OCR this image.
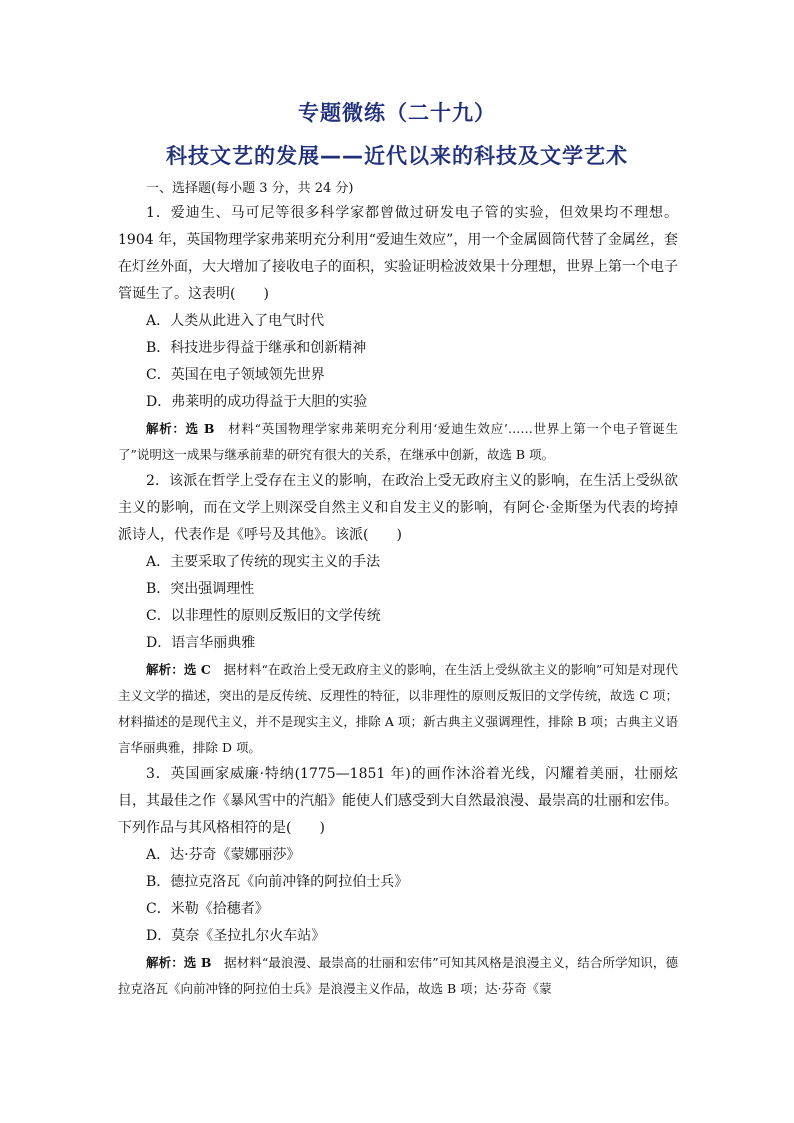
专题微练（二十九）
科技文艺的发展——近代以来的科技及文学艺术
一、选择题(每小题 3 分，共 24 分)

1．爱迪生、马可尼等很多科学家都曾做过研发电子管的实验，但效果均不理想。1904 年，英国物理学家弗莱明充分利用“爱迪生效应”，用一个金属圆筒代替了金属丝，套在灯丝外面，大大增加了接收电子的面积，实验证明检波效果十分理想，世界上第一个电子管诞生了。这表明(　　)

A．人类从此进入了电气时代

B．科技进步得益于继承和创新精神

C．英国在电子领域领先世界

D．弗莱明的成功得益于大胆的实验

解析：选 B　材料“英国物理学家弗莱明充分利用‘爱迪生效应’……世界上第一个电子管诞生了”说明这一成果与继承前辈的研究有很大的关系，在继承中创新，故选 B 项。

2．该派在哲学上受存在主义的影响，在政治上受无政府主义的影响，在生活上受纵欲主义的影响，而在文学上则深受自然主义和自发主义的影响，有阿仑·金斯堡为代表的垮掉派诗人，代表作是《呼号及其他》。该派(　　)

A．主要采取了传统的现实主义的手法

B．突出强调理性

C．以非理性的原则反叛旧的文学传统

D．语言华丽典雅

解析：选 C　据材料“在政治上受无政府主义的影响，在生活上受纵欲主义的影响”可知是对现代主义文学的描述，突出的是反传统、反理性的特征，以非理性的原则反叛旧的文学传统，故选 C 项；材料描述的是现代主义，并不是现实主义，排除 A 项；新古典主义强调理性，排除 B 项；古典主义语言华丽典雅，排除 D 项。

3．英国画家威廉·特纳(1775—1851 年)的画作沐浴着光线，闪耀着美丽，壮丽炫目，其最佳之作《暴风雪中的汽船》能使人们感受到大自然最浪漫、最崇高的壮丽和宏伟。下列作品与其风格相符的是(　　)

A．达·芬奇《蒙娜丽莎》

B．德拉克洛瓦《向前冲锋的阿拉伯士兵》

C．米勒《拾穗者》

D．莫奈《圣拉扎尔火车站》

解析：选 B　据材料“最浪漫、最崇高的壮丽和宏伟”可知其风格是浪漫主义，结合所学知识，德拉克洛瓦《向前冲锋的阿拉伯士兵》是浪漫主义作品，故选 B 项；达·芬奇《蒙
